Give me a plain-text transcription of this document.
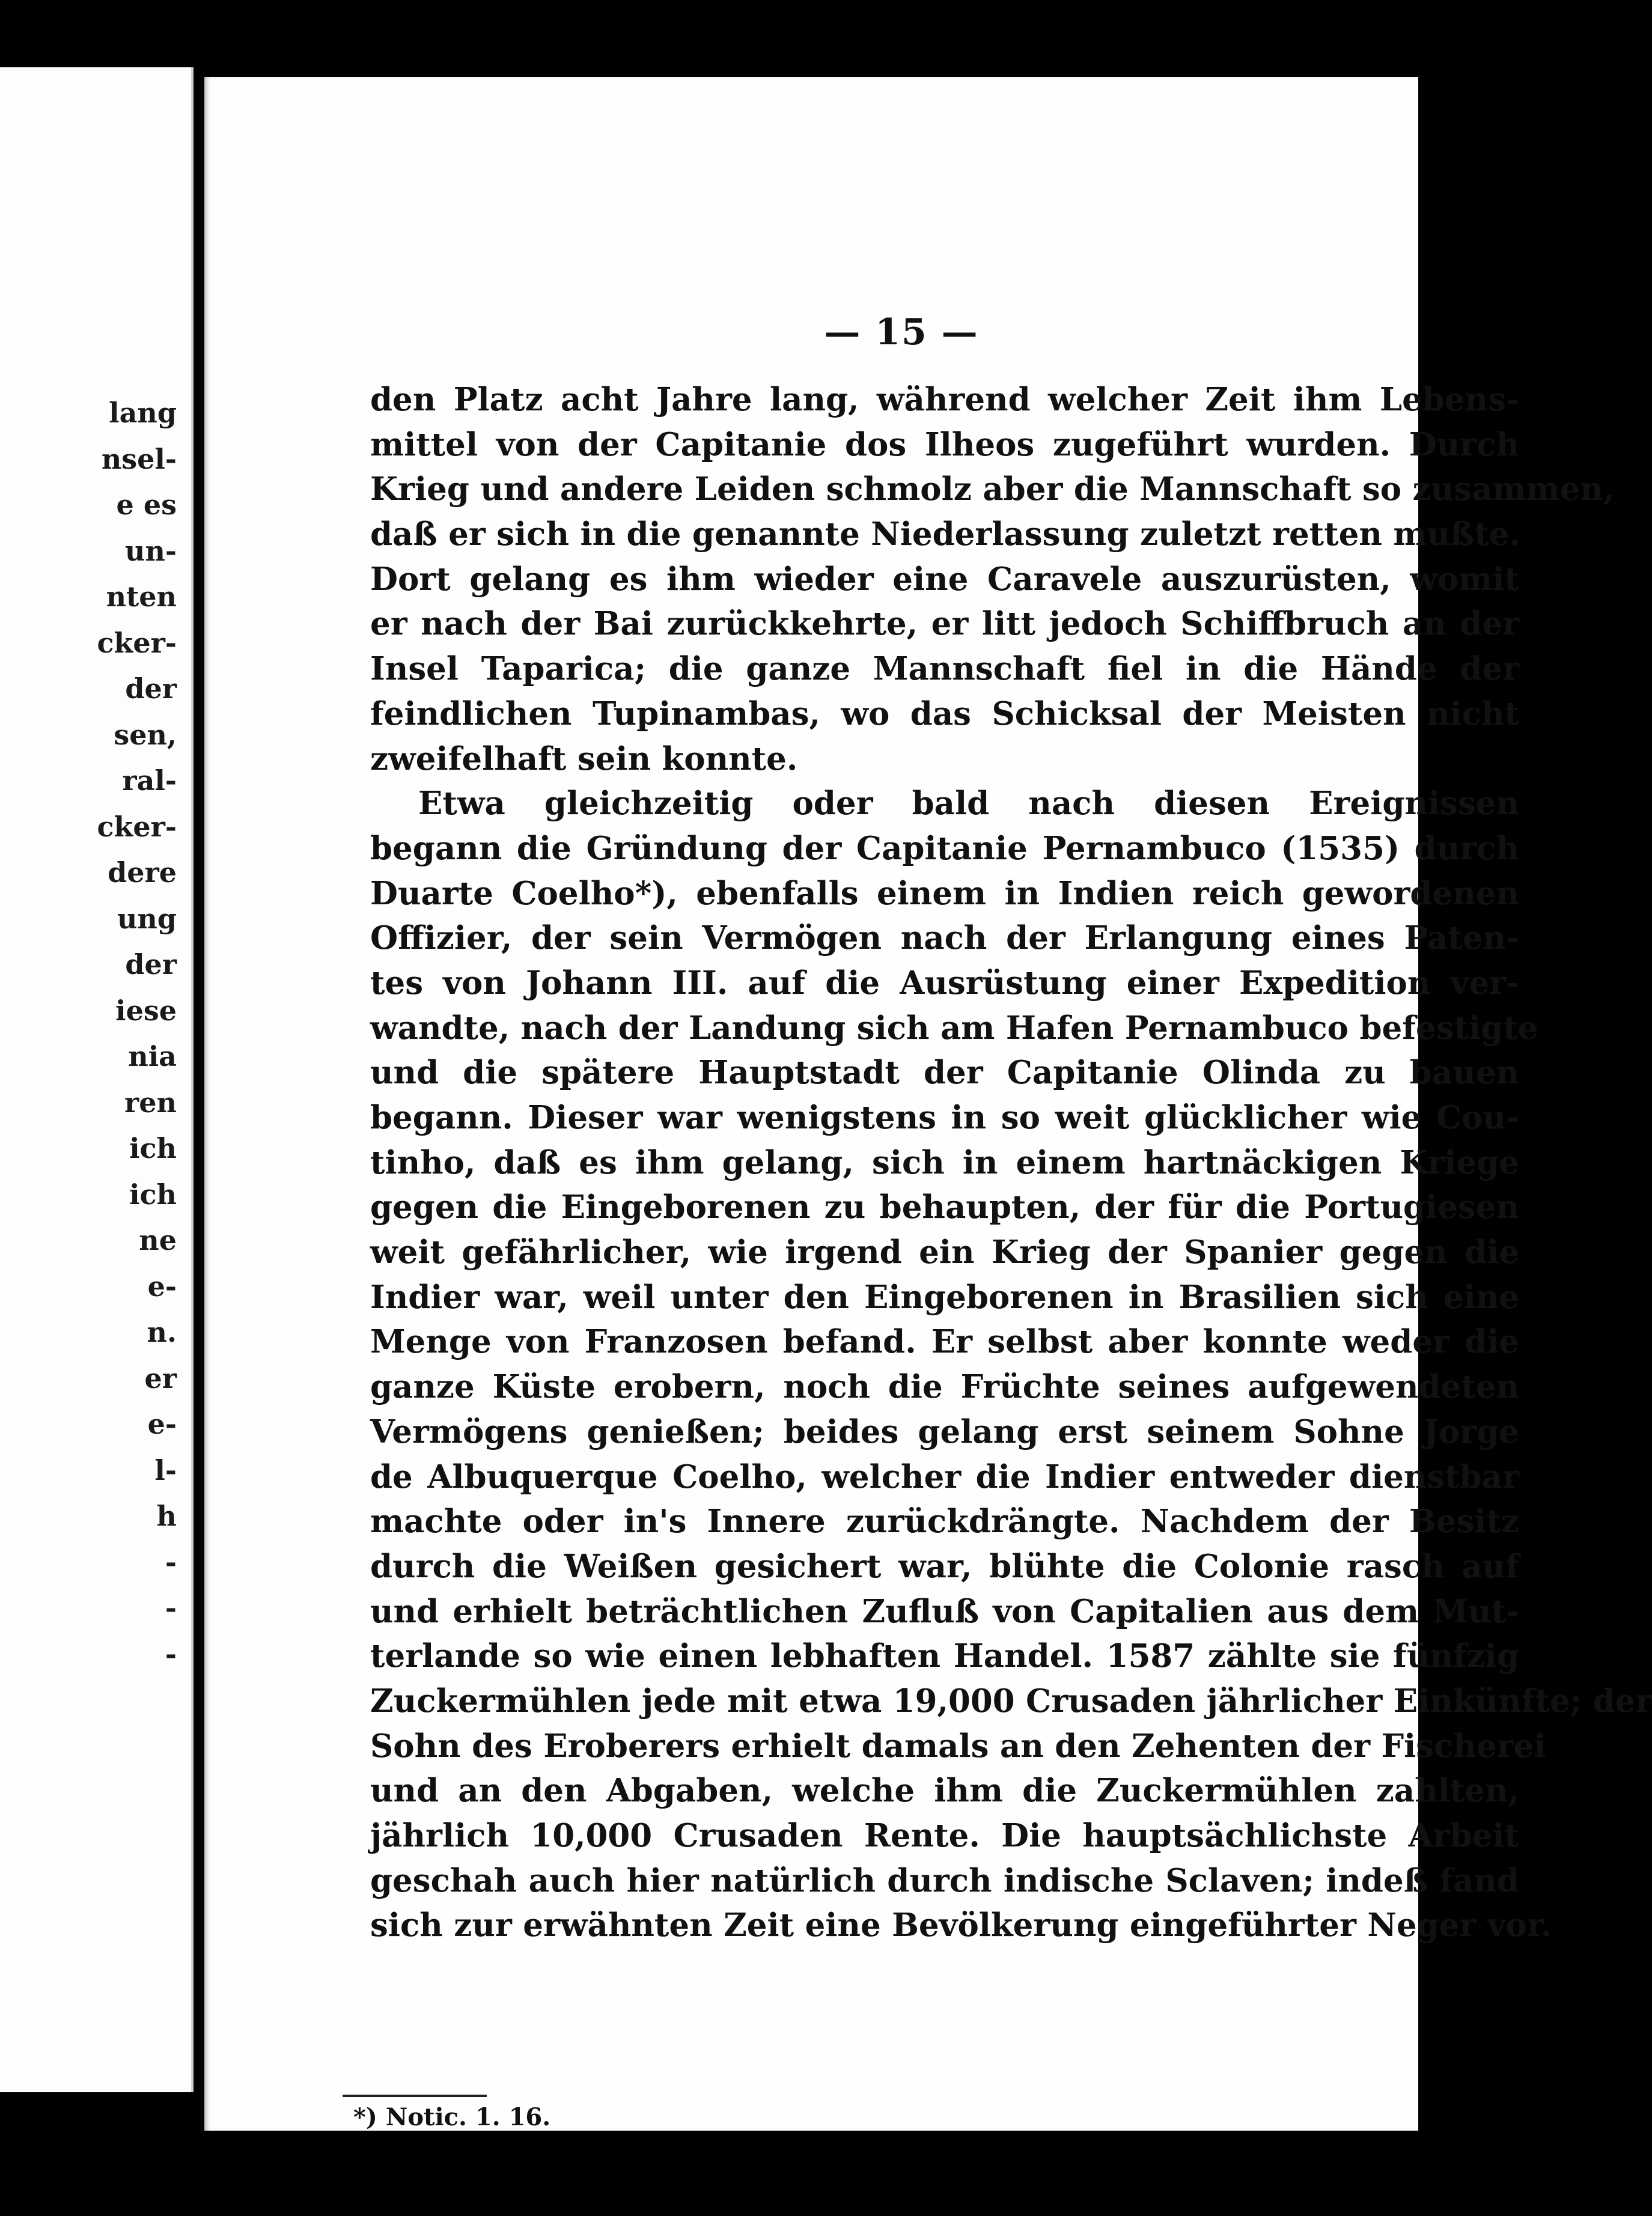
lang
nsel-
e es
un-
nten
cker-
der
sen,
ral-
cker-
dere
ung
der
iese
nia
ren
ich
ich
ne
e-
n.
er
e-
l-
h
-
-
-
— 15 —
den Platz acht Jahre lang, während welcher Zeit ihm Lebens-
mittel von der Capitanie dos Ilheos zugeführt wurden. Durch
Krieg und andere Leiden schmolz aber die Mannschaft so zusammen,
daß er sich in die genannte Niederlassung zuletzt retten mußte.
Dort gelang es ihm wieder eine Caravele auszurüsten, womit
er nach der Bai zurückkehrte, er litt jedoch Schiffbruch an der
Insel Taparica; die ganze Mannschaft fiel in die Hände der
feindlichen Tupinambas, wo das Schicksal der Meisten nicht
zweifelhaft sein konnte.
Etwa gleichzeitig oder bald nach diesen Ereignissen
begann die Gründung der Capitanie Pernambuco (1535) durch
Duarte Coelho*), ebenfalls einem in Indien reich gewordenen
Offizier, der sein Vermögen nach der Erlangung eines Paten-
tes von Johann III. auf die Ausrüstung einer Expedition ver-
wandte, nach der Landung sich am Hafen Pernambuco befestigte
und die spätere Hauptstadt der Capitanie Olinda zu bauen
begann. Dieser war wenigstens in so weit glücklicher wie Cou-
tinho, daß es ihm gelang, sich in einem hartnäckigen Kriege
gegen die Eingeborenen zu behaupten, der für die Portugiesen
weit gefährlicher, wie irgend ein Krieg der Spanier gegen die
Indier war, weil unter den Eingeborenen in Brasilien sich eine
Menge von Franzosen befand. Er selbst aber konnte weder die
ganze Küste erobern, noch die Früchte seines aufgewendeten
Vermögens genießen; beides gelang erst seinem Sohne Jorge
de Albuquerque Coelho, welcher die Indier entweder dienstbar
machte oder in's Innere zurückdrängte. Nachdem der Besitz
durch die Weißen gesichert war, blühte die Colonie rasch auf
und erhielt beträchtlichen Zufluß von Capitalien aus dem Mut-
terlande so wie einen lebhaften Handel. 1587 zählte sie fünfzig
Zuckermühlen jede mit etwa 19,000 Crusaden jährlicher Einkünfte; der
Sohn des Eroberers erhielt damals an den Zehenten der Fischerei
und an den Abgaben, welche ihm die Zuckermühlen zahlten,
jährlich 10,000 Crusaden Rente. Die hauptsächlichste Arbeit
geschah auch hier natürlich durch indische Sclaven; indeß fand
sich zur erwähnten Zeit eine Bevölkerung eingeführter Neger vor.
*) Notic. 1. 16.
